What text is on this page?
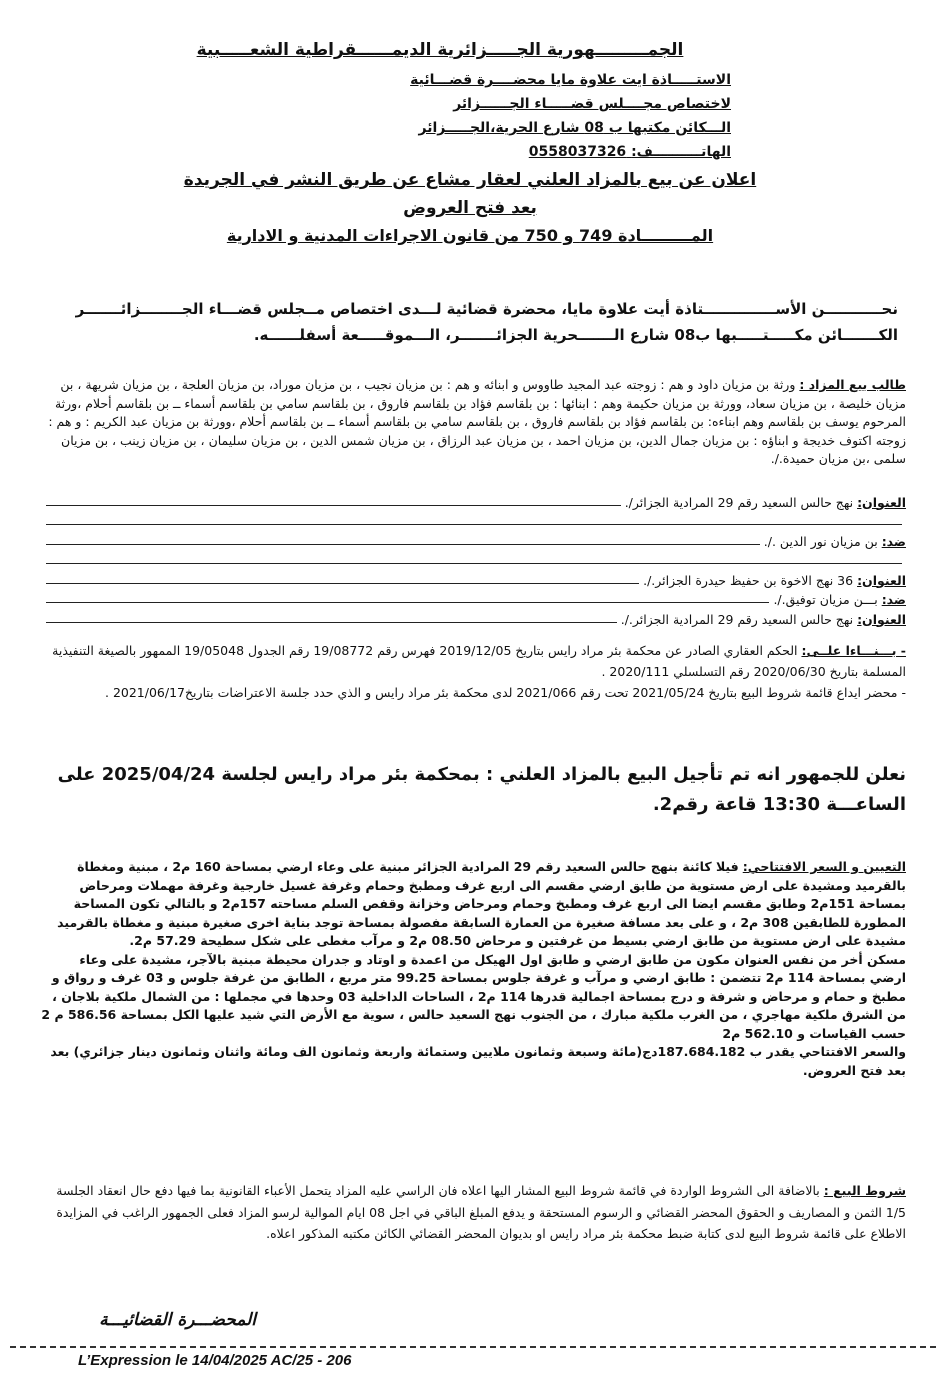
الجمـــــــــهورية الجـــــزائرية الديمــــــقراطية الشعـــــبية
الاستـــــاذة ايت علاوة مايا محضــــرة قضـــائية
لاختصاص مجــــلس قضـــــاء الجــــــزائر
الـــكائن مكتبها ب 08 شارع الحرية،الجـــــزائر
الهاتــــــــــف: 0558037326
اعلان عن بيع بالمزاد العلني لعقار مشاع عن طريق النشر في الجريدة
بعد فتح العروض
المـــــــــادة 749 و 750 من قانون الاجراءات المدنية و الادارية
نحـــــــــــن الأســــــــــــــتاذة أيت علاوة مايا، محضرة قضائية لـــدى اختصاص مــجلس قضـــاء الجــــــــزائـــــــر
الكـــــــائن مكـــــتـــــبها ب08 شارع الـــــــحرية الجزائـــــــر، الـــموقـــــعة أسفلــــــه.
طالب بيع المزاد : ورثة بن مزيان داود و هم : زوجته عبد المجيد طاووس و ابنائه و هم : بن مزيان نجيب ، بن مزيان موراد، بن مزيان العلجة ، بن مزيان شريهة ، بن مزيان خليصة ، بن مزيان سعاد، وورثة بن مزيان حكيمة وهم : ابنائها : بن بلقاسم فؤاد بن بلقاسم فاروق ، بن بلقاسم سامي بن بلقاسم أسماء ــ بن بلقاسم أحلام ،ورثة المرحوم يوسف بن بلقاسم وهم ابناءه: بن بلقاسم فؤاد بن بلقاسم فاروق ، بن بلقاسم سامي بن بلقاسم أسماء ــ بن بلقاسم أحلام ،وورثة بن مزيان عبد الكريم : و هم : زوجته اكتوف خديجة و ابناؤه : بن مزيان جمال الدين، بن مزيان احمد ، بن مزيان عبد الرزاق ، بن مزيان شمس الدين ، بن مزيان سليمان ، بن مزيان زينب ، بن مزيان سلمى ،بن مزيان حميدة./.
العنوان: نهج حالس السعيد رقم 29 المرادية الجزائر/.
ضد: بن مزيان نور الدين ./.
العنوان: 36 نهج الاخوة بن حفيظ حيدرة الجزائر./.
ضد: بـــن مزيان توفيق./.
العنوان: نهج حالس السعيد رقم 29 المرادية الجزائر./.
- بـــنـــاءا علــى: الحكم العقاري الصادر عن محكمة بئر مراد رايس بتاريخ 2019/12/05 فهرس رقم 19/08772 رقم الجدول 19/05048 الممهور بالصيغة التنفيذية المسلمة بتاريخ 2020/06/30 رقم التسلسلي 2020/111 .
- محضر ايداع قائمة شروط البيع بتاريخ 2021/05/24 تحت رقم 2021/066 لدى محكمة بئر مراد رايس و الذي حدد جلسة الاعتراضات بتاريخ2021/06/17 .
نعلن للجمهور انه تم تأجيل البيع بالمزاد العلني : بمحكمة بئر مراد رايس لجلسة 2025/04/24 على الساعـــة 13:30 قاعة رقم2.
التعيين و السعر الافتتاحي: فيلا كائنة بنهج حالس السعيد رقم 29 المرادية الجزائر مبنية على وعاء ارضي بمساحة 160 م2 ، مبنية ومغطاة بالقرميد ومشيدة على ارض مستوية من طابق ارضي مقسم الى اربع غرف ومطبخ وحمام وغرفة غسيل خارجية وغرفة مهملات ومرحاض بمساحة 151م2 وطابق مقسم ايضا الى اربع غرف ومطبخ وحمام ومرحاض وخزانة وقفص السلم مساحته 157م2 و بالتالي تكون المساحة المطورة للطابقين 308 م2 ، و على بعد مسافة صغيرة من العمارة السابقة مفصولة بمساحة توجد بناية اخرى صغيرة مبنية و مغطاة بالقرميد مشيدة على ارض مستوية من طابق ارضي بسيط من غرفتين و مرحاض 08.50 م2 و مرآب مغطى على شكل سطيحة 57.29 م2.
مسكن أخر من نفس العنوان مكون من طابق ارضي و طابق اول الهيكل من اعمدة و اوتاد و جدران محيطة مبنية بالآجر، مشيدة على وعاء ارضي بمساحة 114 م2 تتضمن : طابق ارضي و مرآب و غرفة جلوس بمساحة 99.25 متر مربع ، الطابق من غرفة جلوس و 03 غرف و رواق و مطبخ و حمام و مرحاض و شرفة و درج بمساحة اجمالية قدرها 114 م2 ، الساحات الداخلية 03 وحدها في مجملها : من الشمال ملكية بلاجان ، من الشرق ملكية مهاجري ، من الغرب ملكية مبارك ، من الجنوب نهج السعيد حالس ، سوية مع الأرض التي شيد عليها الكل بمساحة 586.56 م 2 حسب القياسات و 562.10 م2
والسعر الافتتاحي يقدر ب 187.684.182دج(مائة وسبعة وثمانون ملايين وستمائة واربعة وثمانون الف ومائة واثنان وثمانون دينار جزائري) بعد بعد فتح العروض.
شروط البيع : بالاضافة الى الشروط الواردة في قائمة شروط البيع المشار اليها اعلاه فان الراسي عليه المزاد يتحمل الأعباء القانونية بما فيها دفع حال انعقاد الجلسة 1/5 الثمن و المصاريف و الحقوق المحضر القضائي و الرسوم المستحقة و يدفع المبلغ الباقي في اجل 08 ايام الموالية لرسو المزاد فعلى الجمهور الراغب في المزايدة الاطلاع على قائمة شروط البيع لدى كتابة ضبط محكمة بئر مراد رايس او بديوان المحضر القضائي الكائن مكتبه المذكور اعلاه.
المحضـــرة القضائيـــة
L’Expression le 14/04/2025 AC/25 - 206
